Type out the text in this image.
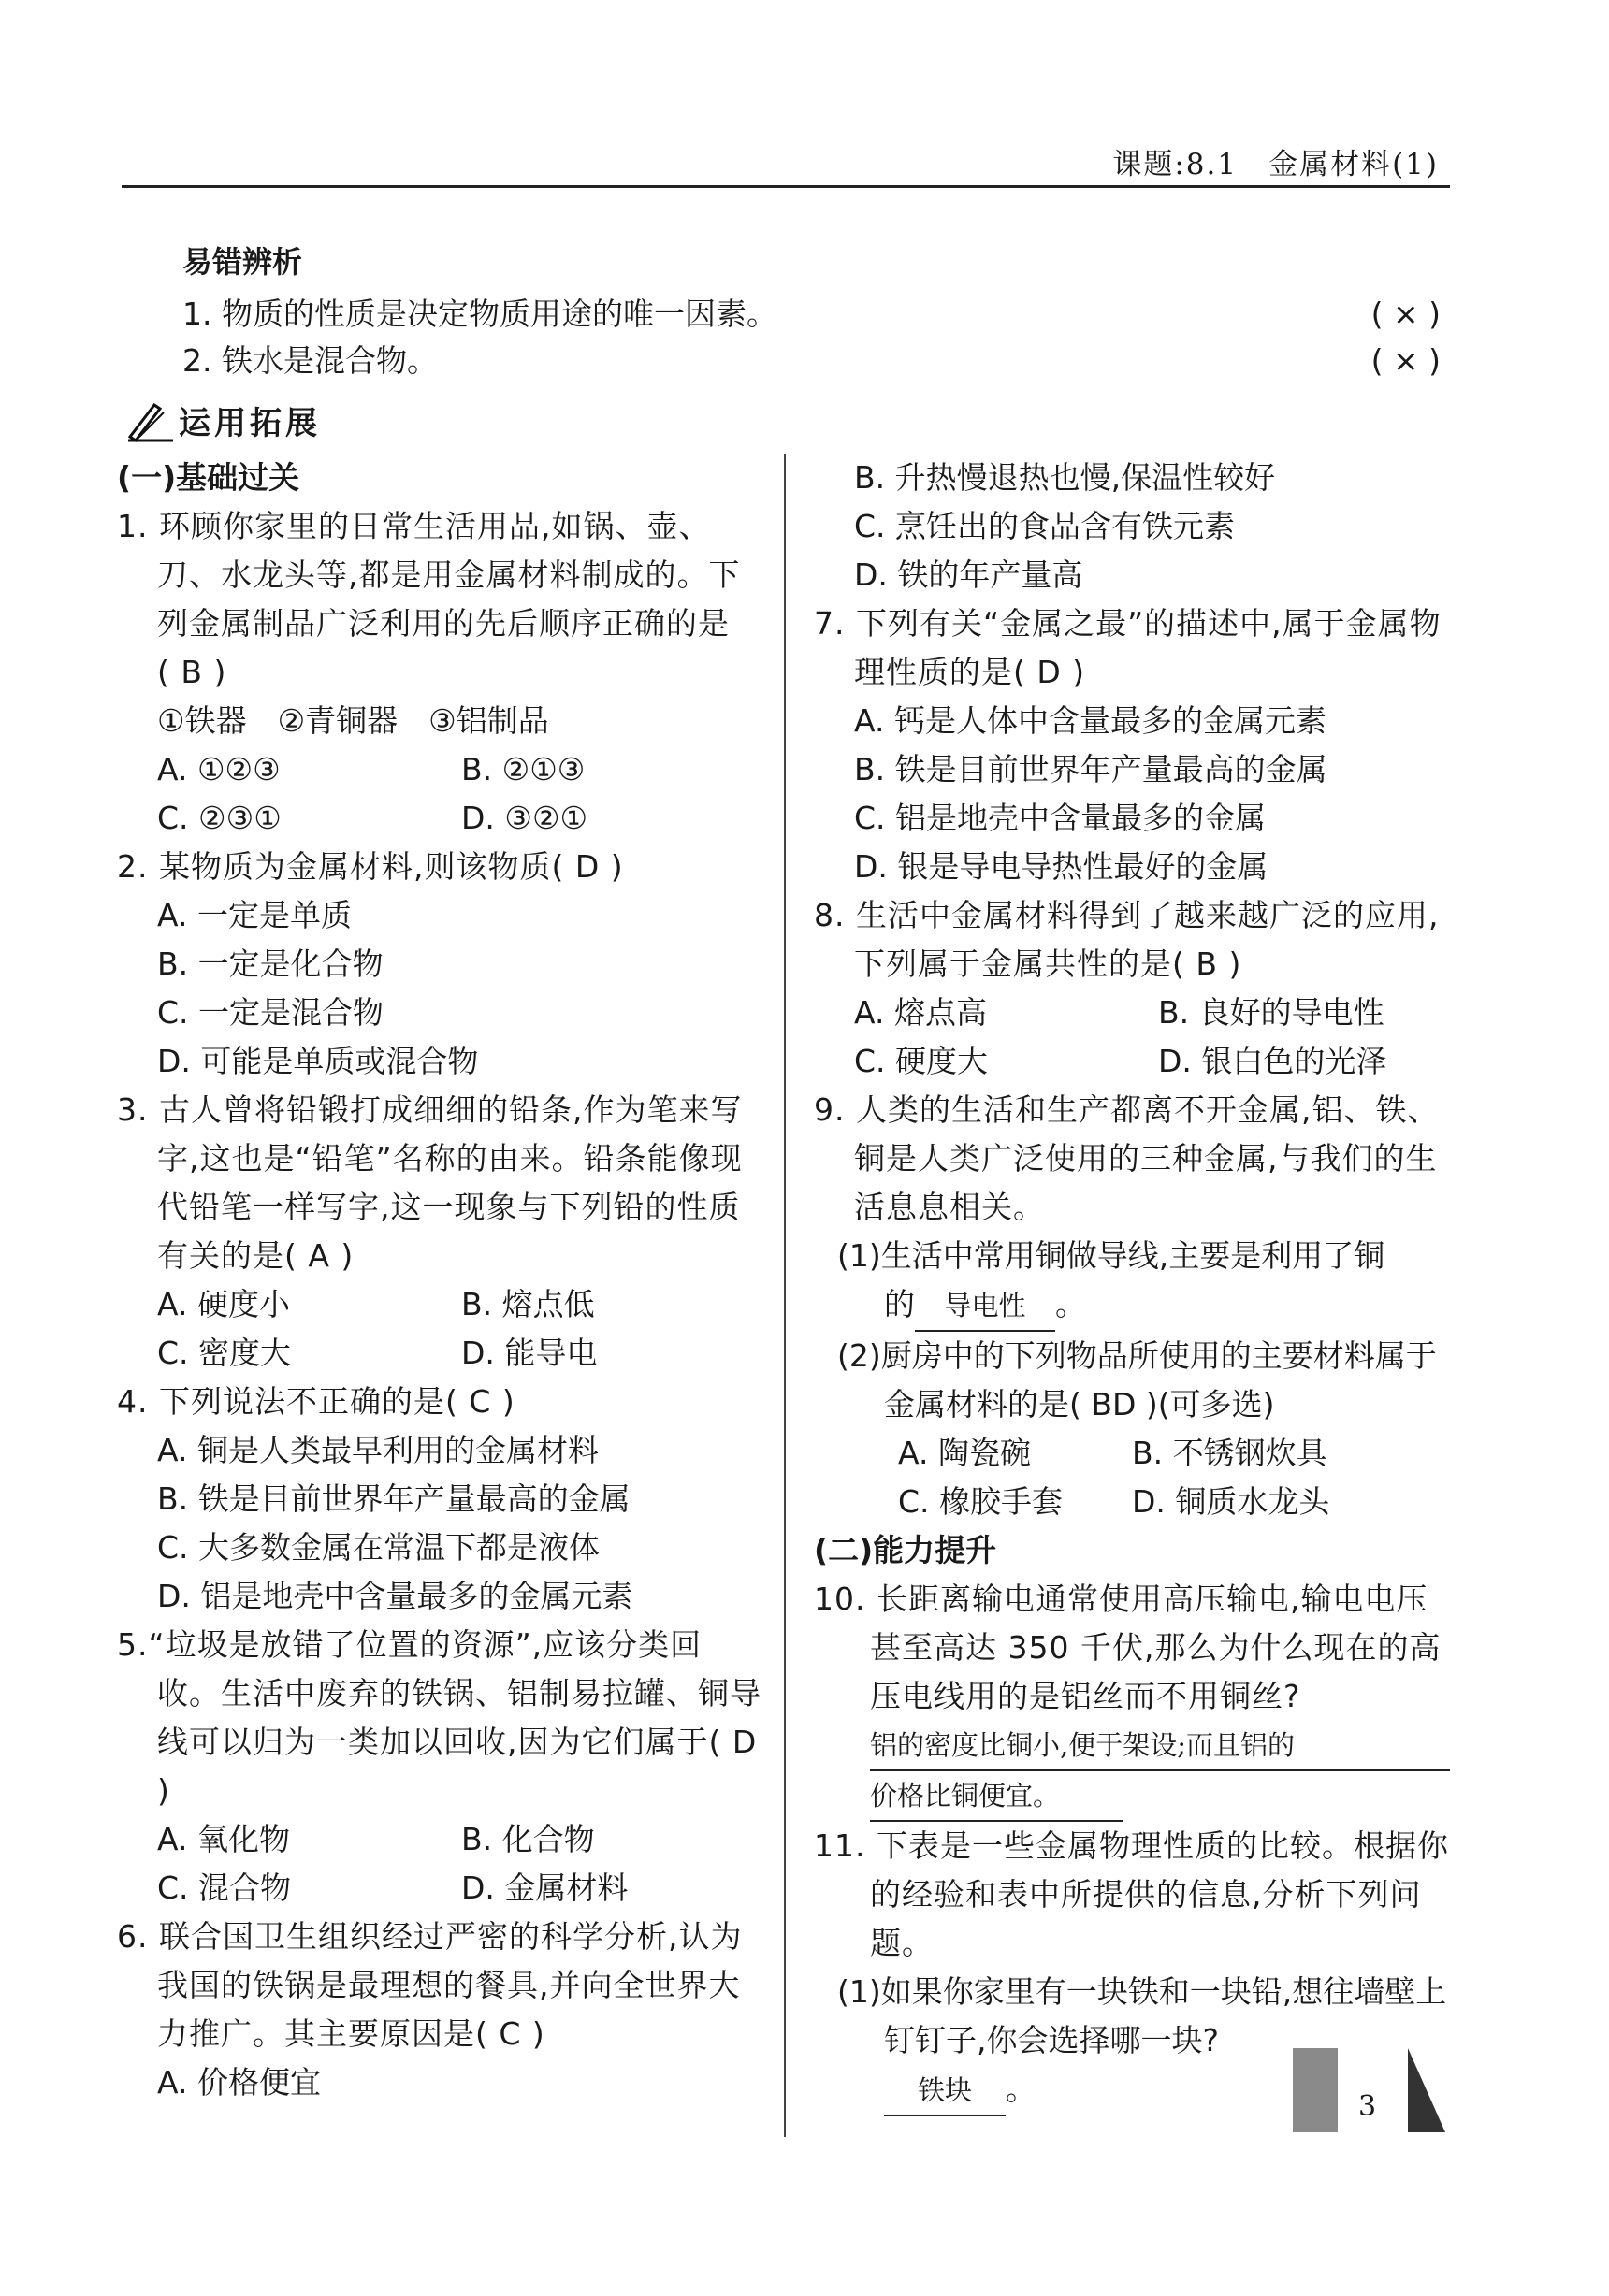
课题:8.1　金属材料(1)
易错辨析
1. 物质的性质是决定物质用途的唯一因素。	( × )
2. 铁水是混合物。	( × )
运用拓展
(一)基础过关
1. 环顾你家里的日常生活用品,如锅、壶、刀、水龙头等,都是用金属材料制成的。下列金属制品广泛利用的先后顺序正确的是
( B )
①铁器　②青铜器　③铝制品
A. ①②③	B. ②①③
C. ②③①	D. ③②①
2. 某物质为金属材料,则该物质( D )
A. 一定是单质
B. 一定是化合物
C. 一定是混合物
D. 可能是单质或混合物
3. 古人曾将铅锻打成细细的铅条,作为笔来写字,这也是“铅笔”名称的由来。铅条能像现代铅笔一样写字,这一现象与下列铅的性质有关的是( A )
A. 硬度小	B. 熔点低
C. 密度大	D. 能导电
4. 下列说法不正确的是( C )
A. 铜是人类最早利用的金属材料
B. 铁是目前世界年产量最高的金属
C. 大多数金属在常温下都是液体
D. 铝是地壳中含量最多的金属元素
5.“垃圾是放错了位置的资源”,应该分类回收。生活中废弃的铁锅、铝制易拉罐、铜导线可以归为一类加以回收,因为它们属于( D )
A. 氧化物	B. 化合物
C. 混合物	D. 金属材料
6. 联合国卫生组织经过严密的科学分析,认为我国的铁锅是最理想的餐具,并向全世界大力推广。其主要原因是( C )
A. 价格便宜
B. 升热慢退热也慢,保温性较好
C. 烹饪出的食品含有铁元素
D. 铁的年产量高
7. 下列有关“金属之最”的描述中,属于金属物理性质的是( D )
A. 钙是人体中含量最多的金属元素
B. 铁是目前世界年产量最高的金属
C. 铝是地壳中含量最多的金属
D. 银是导电导热性最好的金属
8. 生活中金属材料得到了越来越广泛的应用,下列属于金属共性的是( B )
A. 熔点高	B. 良好的导电性
C. 硬度大	D. 银白色的光泽
9. 人类的生活和生产都离不开金属,铝、铁、铜是人类广泛使用的三种金属,与我们的生活息息相关。
(1)生活中常用铜做导线,主要是利用了铜
的 导电性 。
(2)厨房中的下列物品所使用的主要材料属于金属材料的是( BD )(可多选)
A. 陶瓷碗	B. 不锈钢炊具
C. 橡胶手套	D. 铜质水龙头
(二)能力提升
10. 长距离输电通常使用高压输电,输电电压甚至高达 350 千伏,那么为什么现在的高压电线用的是铝丝而不用铜丝?
铝的密度比铜小,便于架设;而且铝的
价格比铜便宜。
11. 下表是一些金属物理性质的比较。根据你的经验和表中所提供的信息,分析下列问题。
(1)如果你家里有一块铁和一块铅,想往墙壁上钉钉子,你会选择哪一块?
铁块 。	3
